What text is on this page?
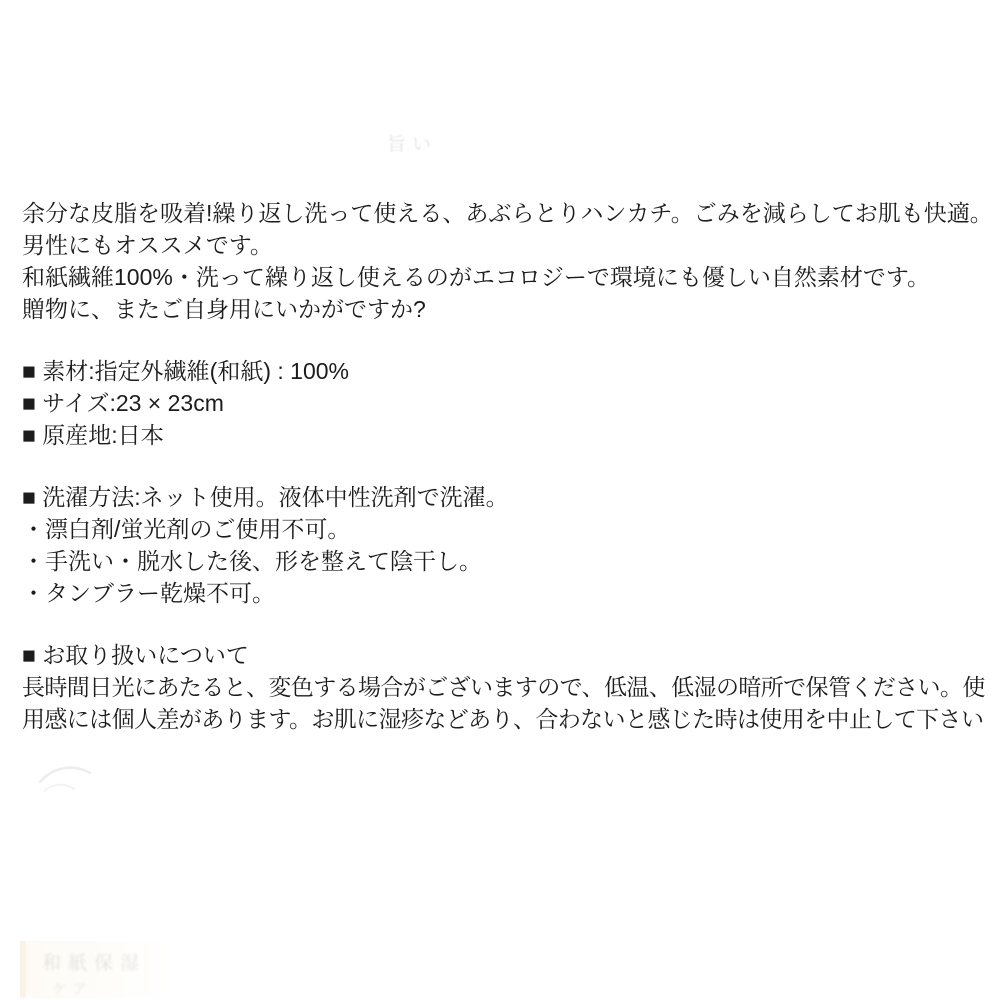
旨い

余分な皮脂を吸着!繰り返し洗って使える、あぶらとりハンカチ。ごみを減らしてお肌も快適。

男性にもオススメです。

和紙繊維100%・洗って繰り返し使えるのがエコロジーで環境にも優しい自然素材です。

贈物に、またご自身用にいかがですか?

■ 素材:指定外繊維(和紙) : 100%

■ サイズ:23 × 23cm

■ 原産地:日本

■ 洗濯方法:ネット使用。液体中性洗剤で洗濯。

・漂白剤/蛍光剤のご使用不可。

・手洗い・脱水した後、形を整えて陰干し。

・タンブラー乾燥不可。

■ お取り扱いについて

長時間日光にあたると、変色する場合がございますので、低温、低湿の暗所で保管ください。使

用感には個人差があります。お肌に湿疹などあり、合わないと感じた時は使用を中止して下さい

和紙保湿
ケア
